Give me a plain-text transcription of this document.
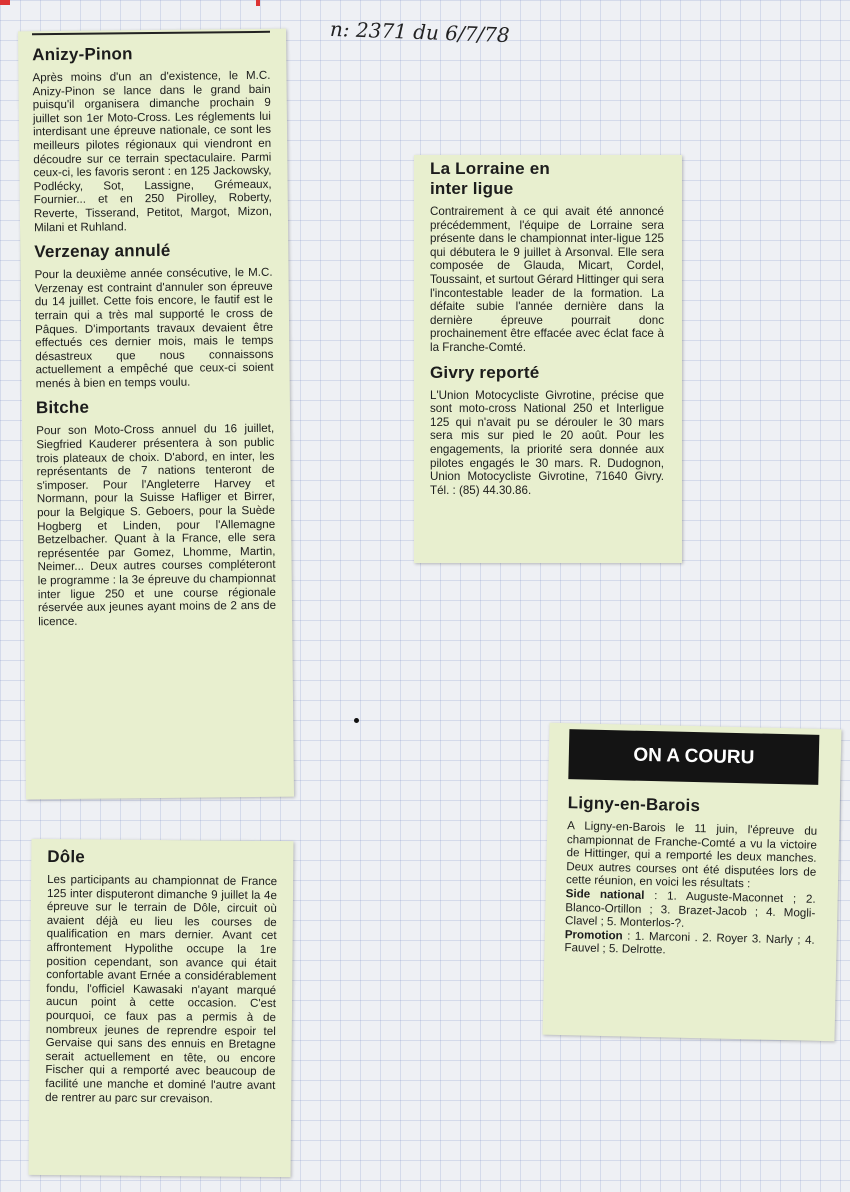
n: 2371 du 6/7/78
Anizy-Pinon

Après moins d'un an d'existence, le M.C. Anizy-Pinon se lance dans le grand bain puisqu'il organisera dimanche prochain 9 juillet son 1er Moto-Cross. Les réglements lui interdisant une épreuve nationale, ce sont les meilleurs pilotes régionaux qui viendront en découdre sur ce terrain spectaculaire. Parmi ceux-ci, les favoris seront : en 125 Jackowsky, Podlécky, Sot, Lassigne, Grémeaux, Fournier... et en 250 Pirolley, Roberty, Reverte, Tisserand, Petitot, Margot, Mizon, Milani et Ruhland.

Verzenay annulé

Pour la deuxième année consécutive, le M.C. Verzenay est contraint d'annuler son épreuve du 14 juillet. Cette fois encore, le fautif est le terrain qui a très mal supporté le cross de Pâques. D'importants travaux devaient être effectués ces dernier mois, mais le temps désastreux que nous connaissons actuellement a empêché que ceux-ci soient menés à bien en temps voulu.

Bitche

Pour son Moto-Cross annuel du 16 juillet, Siegfried Kauderer présentera à son public trois plateaux de choix. D'abord, en inter, les représentants de 7 nations tenteront de s'imposer. Pour l'Angleterre Harvey et Normann, pour la Suisse Hafliger et Birrer, pour la Belgique S. Geboers, pour la Suède Hogberg et Linden, pour l'Allemagne Betzelbacher. Quant à la France, elle sera représentée par Gomez, Lhomme, Martin, Neimer... Deux autres courses compléteront le programme : la 3e épreuve du championnat inter ligue 250 et une course régionale réservée aux jeunes ayant moins de 2 ans de licence.

La Lorraine en inter ligue

Contrairement à ce qui avait été annoncé précédemment, l'équipe de Lorraine sera présente dans le championnat inter-ligue 125 qui débutera le 9 juillet à Arsonval. Elle sera composée de Glauda, Micart, Cordel, Toussaint, et surtout Gérard Hittinger qui sera l'incontestable leader de la formation. La défaite subie l'année dernière dans la dernière épreuve pourrait donc prochainement être effacée avec éclat face à la Franche-Comté.

Givry reporté

L'Union Motocycliste Givrotine, précise que sont moto-cross National 250 et Interligue 125 qui n'avait pu se dérouler le 30 mars sera mis sur pied le 20 août. Pour les engagements, la priorité sera donnée aux pilotes engagés le 30 mars. R. Dudognon, Union Motocycliste Givrotine, 71640 Givry. Tél. : (85) 44.30.86.

Dôle

Les participants au championnat de France 125 inter disputeront dimanche 9 juillet la 4e épreuve sur le terrain de Dôle, circuit où avaient déjà eu lieu les courses de qualification en mars dernier. Avant cet affrontement Hypolithe occupe la 1re position cependant, son avance qui était confortable avant Ernée a considérablement fondu, l'officiel Kawasaki n'ayant marqué aucun point à cette occasion. C'est pourquoi, ce faux pas a permis à de nombreux jeunes de reprendre espoir tel Gervaise qui sans des ennuis en Bretagne serait actuellement en tête, ou encore Fischer qui a remporté avec beaucoup de facilité une manche et dominé l'autre avant de rentrer au parc sur crevaison.

ON A COURU
Ligny-en-Barois

A Ligny-en-Barois le 11 juin, l'épreuve du championnat de Franche-Comté a vu la victoire de Hittinger, qui a remporté les deux manches. Deux autres courses ont été disputées lors de cette réunion, en voici les résultats :

Side national : 1. Auguste-Maconnet ; 2. Blanco-Ortillon ; 3. Brazet-Jacob ; 4. Mogli-Clavel ; 5. Monterlos-?.

Promotion : 1. Marconi . 2. Royer 3. Narly ; 4. Fauvel ; 5. Delrotte.
